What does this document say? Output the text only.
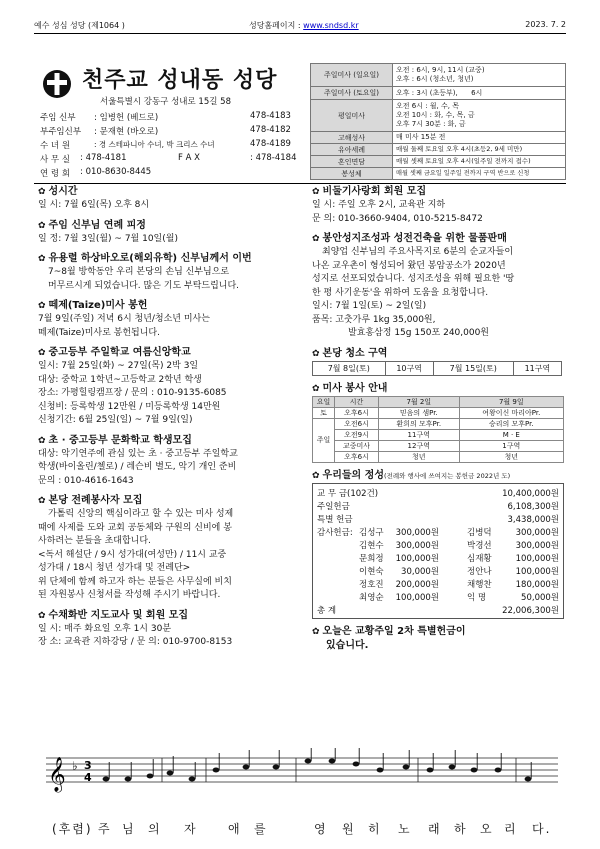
예수 성심 성당 (제1064 )	성당홈페이지 : www.sndsd.kr	2023. 7. 2
천주교 성내동 성당
서울특별시 강동구 성내로 15길 58
주임 신부 : 임병헌 (베드로)	478-4183
부주임신부 : 문재현 (바오로)	478-4182
수 녀 원	: 경 스테파니아 수녀, 박 크리스 수녀	478-4189
사 무 실 : 478-4181	F A X	: 478-4184
연 령 회 : 010-8630-8445
주일미사 (일요일)	오전 : 6시, 9시, 11시 (교중)
오후 : 6시 (청소년, 청년)
주일미사 (토요일)	오후 : 3시 (초등부),      6시
평일미사	오전 6시 : 월, 수, 목
오전 10시 : 화, 수, 목, 금
오후 7시 30분 : 화, 금
고해성사	매 미사 15분 전
유아세례	매월 둘째 토요일 오후 4시(초등2, 9세 미만)
혼인면담	매월 셋째 토요일 오후 4시(일주일 전까지 접수)
봉성체	매월 셋째 금요일 일주일 전까지 구역 반으로 신청
✿ 성시간
일 시: 7월 6일(목) 오후 8시
✿ 주임 신부님 연례 피정
일 정: 7월 3일(월) ~ 7월 10일(월)
✿ 유용렬 하상바오로(해외유학) 신부님께서 이번
7~8월 방학동안 우리 본당의 손님 신부님으로
머무르시게 되었습니다. 많은 기도 부탁드립니다.
✿ 떼제(Taize)미사 봉헌
7월 9일(주일) 저녁 6시 청년/청소년 미사는
떼제(Taize)미사로 봉헌됩니다.
✿ 중고등부 주일학교 여름신앙학교
일시: 7월 25일(화) ~ 27일(목) 2박 3일
대상: 중학교 1학년~고등학교 2학년 학생
장소: 가평힐링캠프장 / 문의 : 010-9135-6085
신청비: 등록학생 12만원 / 미등록학생 14만원
신청기간: 6월 25일(일) ~ 7월 9일(일)
✿ 초 · 중고등부 문화학교 학생모집
대상: 악기연주에 관심 있는 초 · 중고등부 주일학교
학생(바이올린/첼로) / 레슨비 별도, 악기 개인 준비
문의 : 010-4616-1643
✿ 본당 전례봉사자 모집
가톨릭 신앙의 핵심이라고 할 수 있는 미사 성제
때에 사제를 도와 교회 공동체와 구원의 신비에 봉
사하려는 분들을 초대합니다.
<독서 해설단 / 9시 성가대(여성만) / 11시 교중
성가대 / 18시 청년 성가대 및 전례단>
위 단체에 함께 하고자 하는 분들은 사무실에 비치
된 자원봉사 신청서를 작성해 주시기 바랍니다.
✿ 수채화반 지도교사 및 회원 모집
일 시: 매주 화요일 오후 1시 30분
장 소: 교육관 지하강당 / 문 의: 010-9700-8153
✿ 비둘기사랑회 회원 모집
일 시: 주일 오후 2시, 교육관 지하
문 의: 010-3660-9404, 010-5215-8472
✿ 봉안성지조성과 성전건축을 위한 물품판매
최양업 신부님의 주요사목지로 6분의 순교자들이
나온 교우촌이 형성되어 왔던 봉암공소가 2020년
성지로 선포되었습니다. 성지조성을 위해 필요한 '땅
한 평 사기운동'을 위하여 도움을 요청합니다.
일시: 7월 1일(토) ~ 2일(일)
품목: 고춧가루 1kg 35,000원,
발효홍삼정 15g 150포 240,000원
✿ 본당 청소 구역
7월 8일(토)	10구역	7월 15일(토)	11구역
✿ 미사 봉사 안내
요일	시간	7월 2일	7월 9일
토	오후6시	믿음의 샘Pr.	여왕이신 마리아Pr.
주일	오전6시	환희의 모후Pr.	승리의 모후Pr.
	오전9시	11구역	M · E
	교중미사	12구역	1구역
	오후6시	청년	청년
✿ 우리들의 정성(전례와 행사에 쓰여지는 봉헌금 2022년 도)
교 무 금(102건)	10,400,000원
주일헌금	6,108,300원
특별 헌금	3,438,000원
감사헌금: 김성구	300,000원	김병덕	300,000원
김현수	300,000원	박경선	300,000원
문희정	100,000원	심재황	100,000원
이현숙	30,000원	정안나	100,000원
정호진	200,000원	채행찬	180,000원
최영순	100,000원	익 명	50,000원
총 계	22,006,300원
✿ 오늘은 교황주일 2차 특별헌금이
있습니다.
𝄞 ♭ 3
4
(후렴) 주 님 의 자	애 를	영 원 히 노 래 하 오 리 다.
